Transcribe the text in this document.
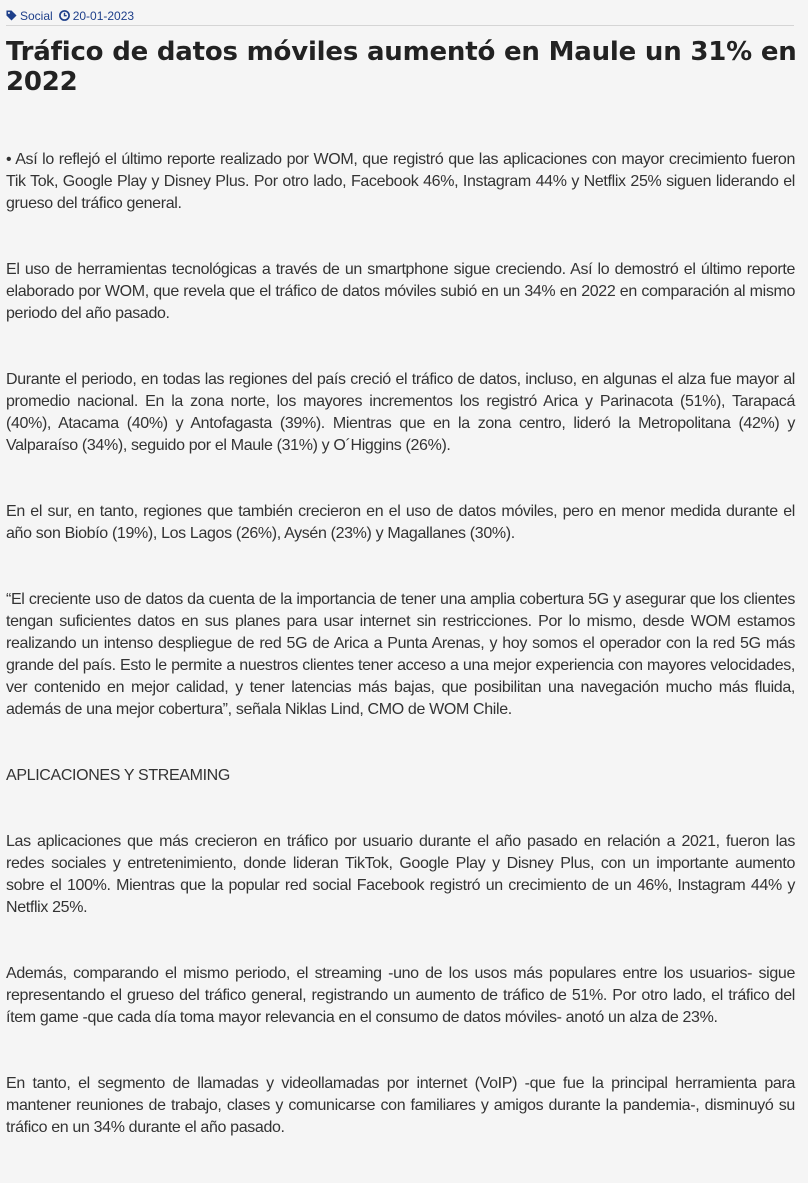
Social 20-01-2023
Tráfico de datos móviles aumentó en Maule un 31% en 2022

• Así lo reflejó el último reporte realizado por WOM, que registró que las aplicaciones con mayor crecimiento fueron Tik Tok, Google Play y Disney Plus. Por otro lado, Facebook 46%, Instagram 44% y Netflix 25% siguen liderando el grueso del tráfico general.

El uso de herramientas tecnológicas a través de un smartphone sigue creciendo. Así lo demostró el último reporte elaborado por WOM, que revela que el tráfico de datos móviles subió en un 34% en 2022 en comparación al mismo periodo del año pasado.

Durante el periodo, en todas las regiones del país creció el tráfico de datos, incluso, en algunas el alza fue mayor al promedio nacional. En la zona norte, los mayores incrementos los registró Arica y Parinacota (51%), Tarapacá (40%), Atacama (40%) y Antofagasta (39%). Mientras que en la zona centro, lideró la Metropolitana (42%) y Valparaíso (34%), seguido por el Maule (31%) y O´Higgins (26%).

En el sur, en tanto, regiones que también crecieron en el uso de datos móviles, pero en menor medida durante el año son Biobío (19%), Los Lagos (26%), Aysén (23%) y Magallanes (30%).

“El creciente uso de datos da cuenta de la importancia de tener una amplia cobertura 5G y asegurar que los clientes tengan suficientes datos en sus planes para usar internet sin restricciones. Por lo mismo, desde WOM estamos realizando un intenso despliegue de red 5G de Arica a Punta Arenas, y hoy somos el operador con la red 5G más grande del país. Esto le permite a nuestros clientes tener acceso a una mejor experiencia con mayores velocidades, ver contenido en mejor calidad, y tener latencias más bajas, que posibilitan una navegación mucho más fluida, además de una mejor cobertura”, señala Niklas Lind, CMO de WOM Chile.

APLICACIONES Y STREAMING

Las aplicaciones que más crecieron en tráfico por usuario durante el año pasado en relación a 2021, fueron las redes sociales y entretenimiento, donde lideran TikTok, Google Play y Disney Plus, con un importante aumento sobre el 100%. Mientras que la popular red social Facebook registró un crecimiento de un 46%, Instagram 44% y Netflix 25%.

Además, comparando el mismo periodo, el streaming -uno de los usos más populares entre los usuarios- sigue representando el grueso del tráfico general, registrando un aumento de tráfico de 51%. Por otro lado, el tráfico del ítem game -que cada día toma mayor relevancia en el consumo de datos móviles- anotó un alza de 23%.

En tanto, el segmento de llamadas y videollamadas por internet (VoIP) -que fue la principal herramienta para mantener reuniones de trabajo, clases y comunicarse con familiares y amigos durante la pandemia-, disminuyó su tráfico en un 34% durante el año pasado.
